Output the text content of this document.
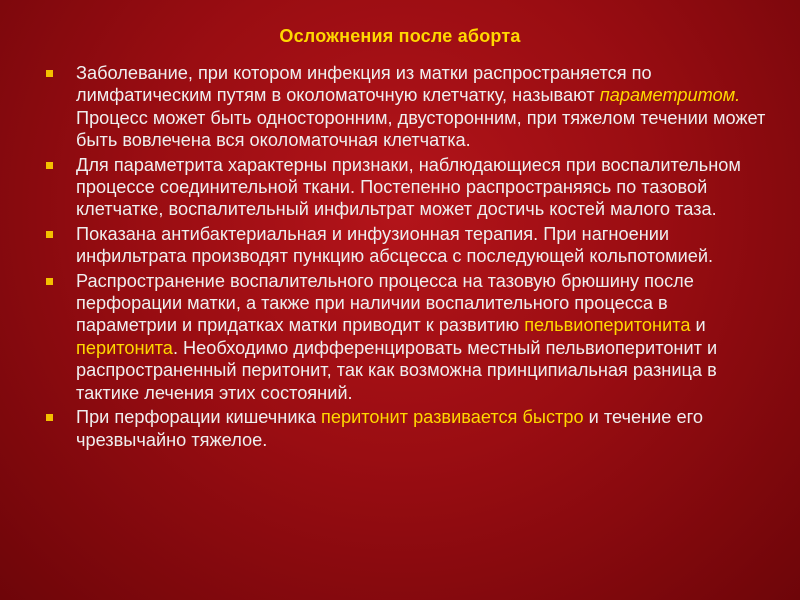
Осложнения после аборта
Заболевание, при котором инфекция из матки распространяется по лимфатическим путям в околоматочную клетчатку, называют параметритом. Процесс может быть односторонним, двусторонним, при тяжелом течении может быть вовлечена вся околоматочная клетчатка.
Для параметрита характерны признаки, наблюдающиеся при воспалительном процессе соединительной ткани. Постепенно распространяясь по тазовой клетчатке, воспалительный инфильтрат может достичь костей малого таза.
Показана антибактериальная и инфузионная терапия. При нагноении инфильтрата производят пункцию абсцесса с последующей кольпотомией.
Распространение воспалительного процесса на тазовую брюшину после перфорации матки, а также при наличии воспалительного процесса в параметрии и придатках матки приводит к развитию пельвиоперитонита и перитонита. Необходимо дифференцировать местный пельвиоперитонит и распространенный перитонит, так как возможна принципиальная разница в тактике лечения этих состояний.
При перфорации кишечника перитонит развивается быстро и течение его чрезвычайно тяжелое.
